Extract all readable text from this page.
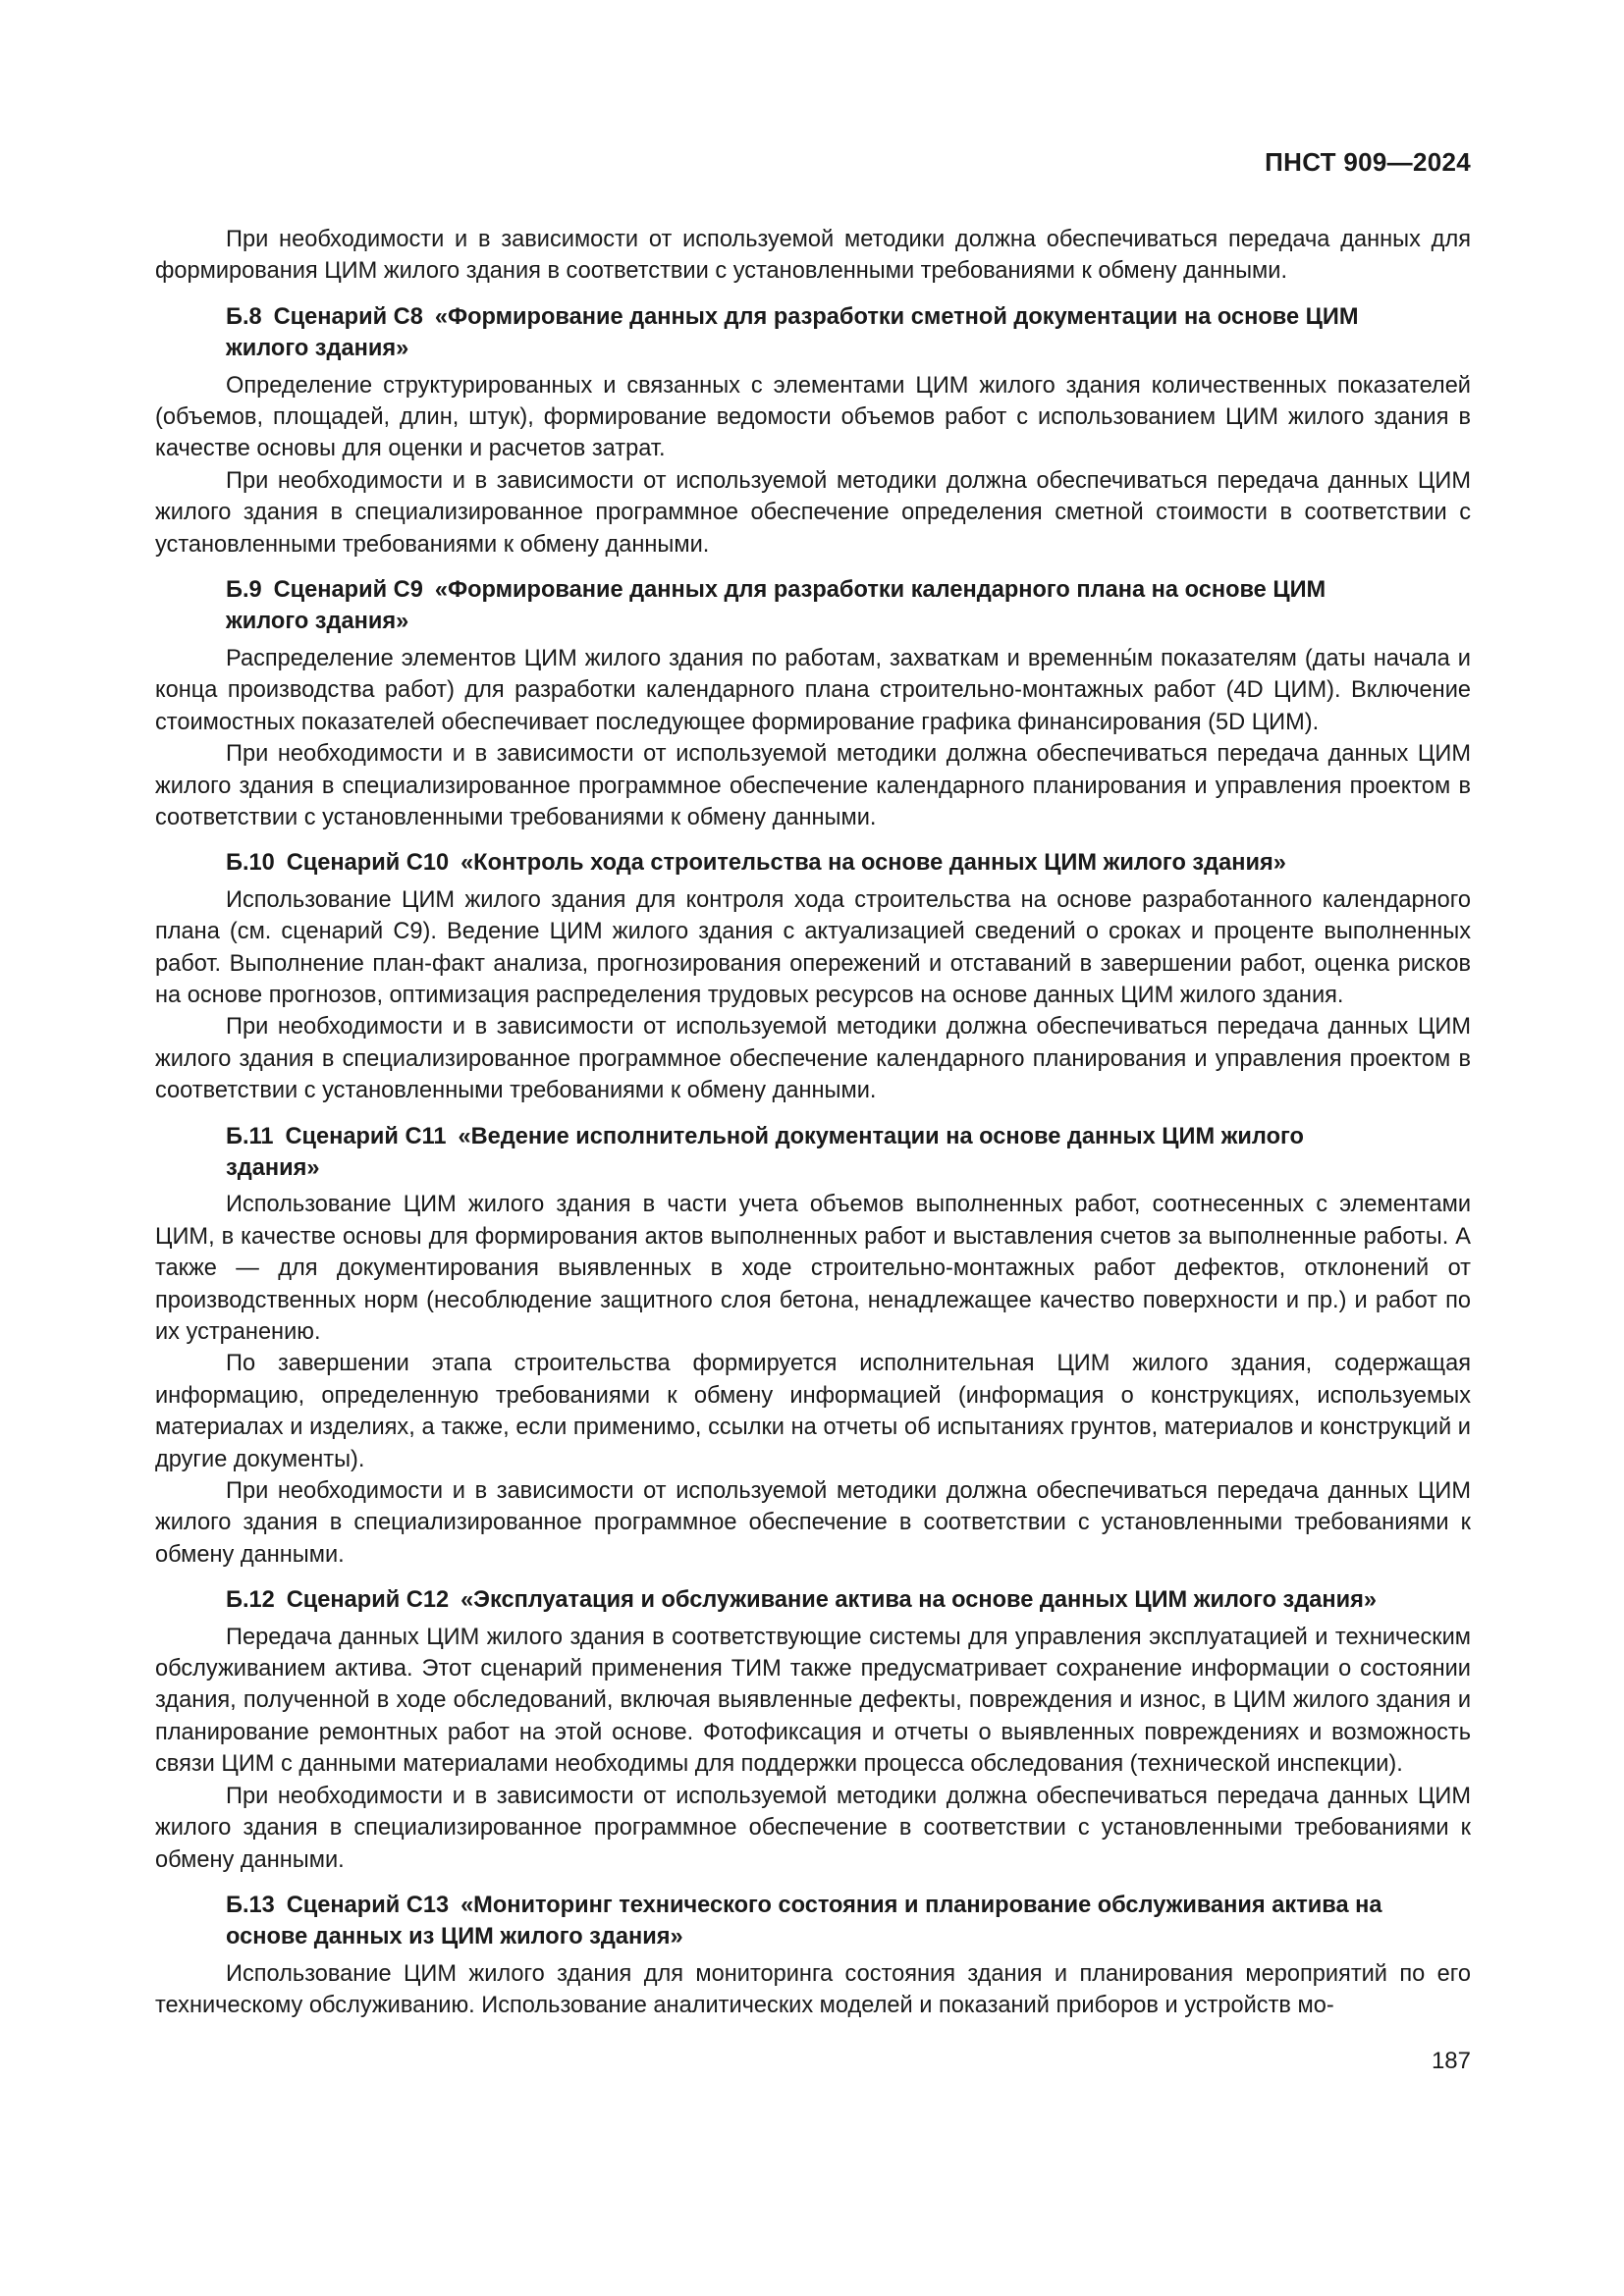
ПНСТ 909—2024

При необходимости и в зависимости от используемой методики должна обеспечиваться передача данных для формирования ЦИМ жилого здания в соответствии с установленными требованиями к обмену данными.

Б.8 Сценарий С8 «Формирование данных для разработки сметной документации на основе ЦИМ жилого здания»

Определение структурированных и связанных с элементами ЦИМ жилого здания количественных показателей (объемов, площадей, длин, штук), формирование ведомости объемов работ с использованием ЦИМ жилого здания в качестве основы для оценки и расчетов затрат.

При необходимости и в зависимости от используемой методики должна обеспечиваться передача данных ЦИМ жилого здания в специализированное программное обеспечение определения сметной стоимости в соответствии с установленными требованиями к обмену данными.

Б.9 Сценарий С9 «Формирование данных для разработки календарного плана на основе ЦИМ жилого здания»

Распределение элементов ЦИМ жилого здания по работам, захваткам и временны́м показателям (даты начала и конца производства работ) для разработки календарного плана строительно-монтажных работ (4D ЦИМ). Включение стоимостных показателей обеспечивает последующее формирование графика финансирования (5D ЦИМ).

При необходимости и в зависимости от используемой методики должна обеспечиваться передача данных ЦИМ жилого здания в специализированное программное обеспечение календарного планирования и управления проектом в соответствии с установленными требованиями к обмену данными.

Б.10 Сценарий С10 «Контроль хода строительства на основе данных ЦИМ жилого здания»

Использование ЦИМ жилого здания для контроля хода строительства на основе разработанного календарного плана (см. сценарий С9). Ведение ЦИМ жилого здания с актуализацией сведений о сроках и проценте выполненных работ. Выполнение план-факт анализа, прогнозирования опережений и отставаний в завершении работ, оценка рисков на основе прогнозов, оптимизация распределения трудовых ресурсов на основе данных ЦИМ жилого здания.

При необходимости и в зависимости от используемой методики должна обеспечиваться передача данных ЦИМ жилого здания в специализированное программное обеспечение календарного планирования и управления проектом в соответствии с установленными требованиями к обмену данными.

Б.11 Сценарий С11 «Ведение исполнительной документации на основе данных ЦИМ жилого здания»

Использование ЦИМ жилого здания в части учета объемов выполненных работ, соотнесенных с элементами ЦИМ, в качестве основы для формирования актов выполненных работ и выставления счетов за выполненные работы. А также — для документирования выявленных в ходе строительно-монтажных работ дефектов, отклонений от производственных норм (несоблюдение защитного слоя бетона, ненадлежащее качество поверхности и пр.) и работ по их устранению.

По завершении этапа строительства формируется исполнительная ЦИМ жилого здания, содержащая информацию, определенную требованиями к обмену информацией (информация о конструкциях, используемых материалах и изделиях, а также, если применимо, ссылки на отчеты об испытаниях грунтов, материалов и конструкций и другие документы).

При необходимости и в зависимости от используемой методики должна обеспечиваться передача данных ЦИМ жилого здания в специализированное программное обеспечение в соответствии с установленными требованиями к обмену данными.

Б.12 Сценарий С12 «Эксплуатация и обслуживание актива на основе данных ЦИМ жилого здания»

Передача данных ЦИМ жилого здания в соответствующие системы для управления эксплуатацией и техническим обслуживанием актива. Этот сценарий применения ТИМ также предусматривает сохранение информации о состоянии здания, полученной в ходе обследований, включая выявленные дефекты, повреждения и износ, в ЦИМ жилого здания и планирование ремонтных работ на этой основе. Фотофиксация и отчеты о выявленных повреждениях и возможность связи ЦИМ с данными материалами необходимы для поддержки процесса обследования (технической инспекции).

При необходимости и в зависимости от используемой методики должна обеспечиваться передача данных ЦИМ жилого здания в специализированное программное обеспечение в соответствии с установленными требованиями к обмену данными.

Б.13 Сценарий С13 «Мониторинг технического состояния и планирование обслуживания актива на основе данных из ЦИМ жилого здания»

Использование ЦИМ жилого здания для мониторинга состояния здания и планирования мероприятий по его техническому обслуживанию. Использование аналитических моделей и показаний приборов и устройств мо-

187
